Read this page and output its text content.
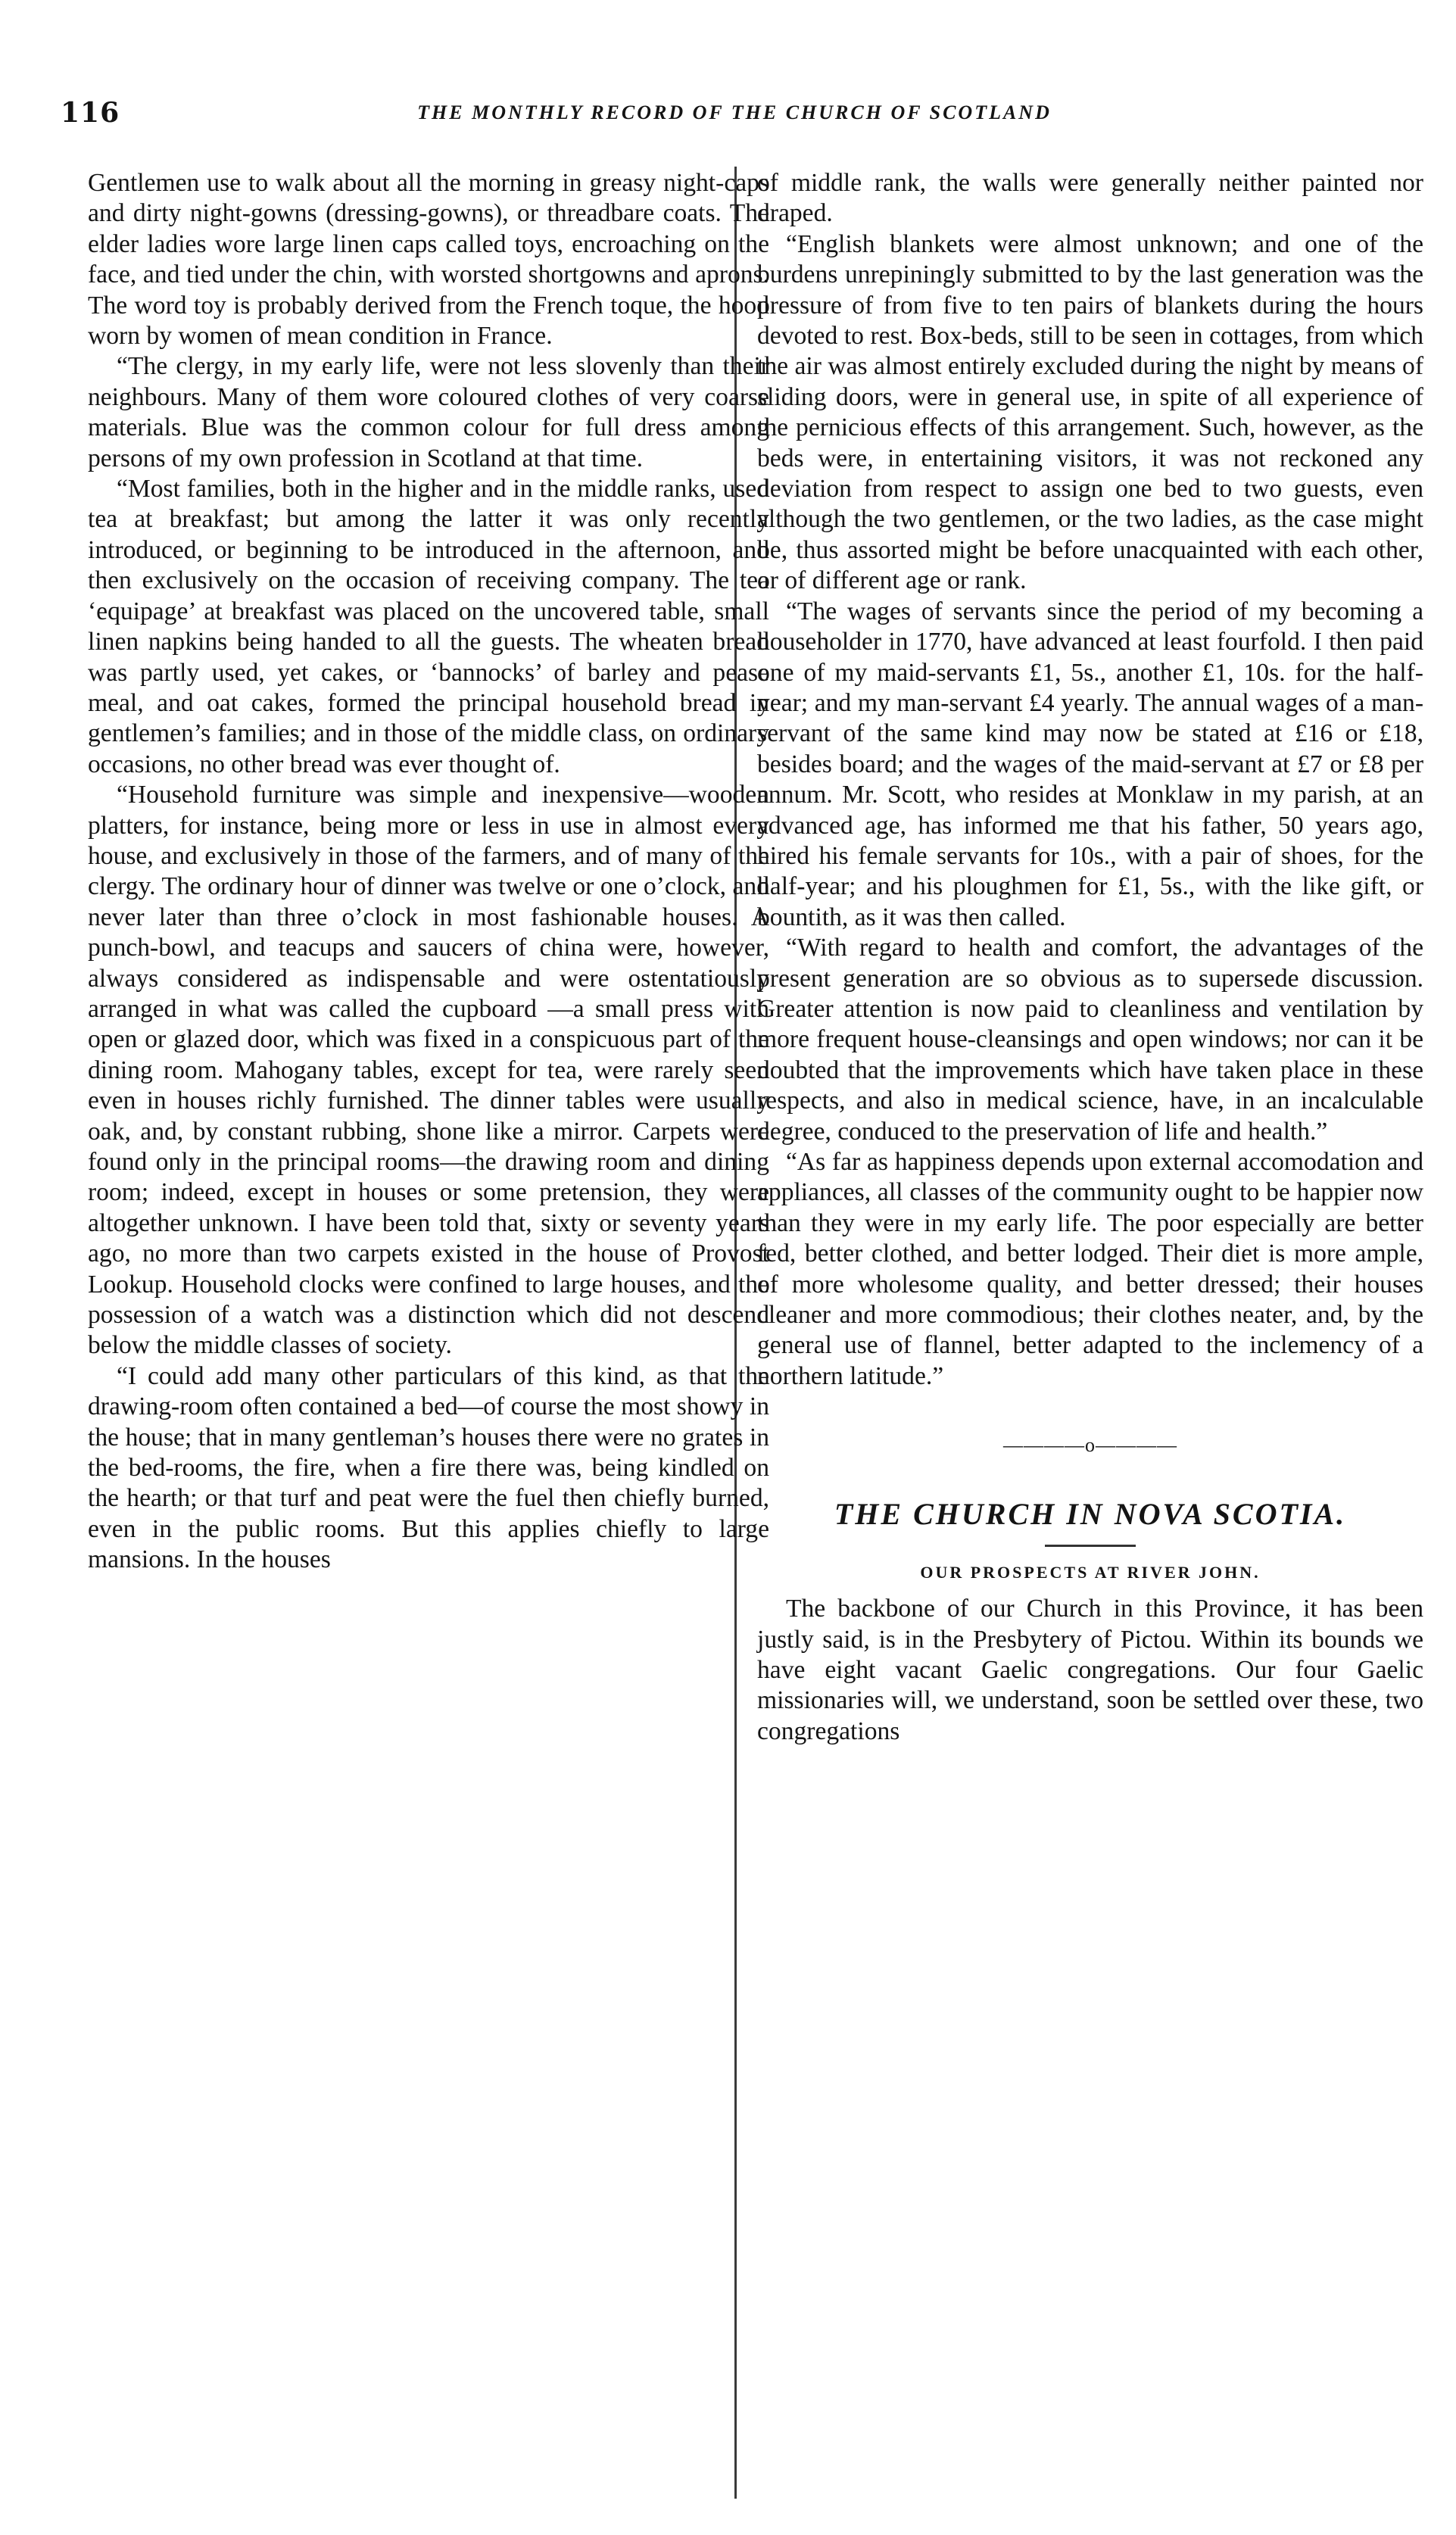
116	THE MONTHLY RECORD OF THE CHURCH OF SCOTLAND

Gentlemen use to walk about all the morning in greasy night-caps and dirty night-gowns (dressing-gowns), or threadbare coats. The elder ladies wore large linen caps called toys, encroaching on the face, and tied under the chin, with worsted shortgowns and aprons. The word toy is probably derived from the French toque, the hood worn by women of mean condition in France.

“The clergy, in my early life, were not less slovenly than their neighbours. Many of them wore coloured clothes of very coarse materials. Blue was the common colour for full dress among persons of my own profession in Scotland at that time.

“Most families, both in the higher and in the middle ranks, used tea at breakfast; but among the latter it was only recently introduced, or beginning to be introduced in the afternoon, and then exclusively on the occasion of receiving company. The tea ‘equipage’ at breakfast was placed on the uncovered table, small linen napkins being handed to all the guests. The wheaten bread was partly used, yet cakes, or ‘bannocks’ of barley and pease meal, and oat cakes, formed the principal household bread in gentlemen’s families; and in those of the middle class, on ordinary occasions, no other bread was ever thought of.

“Household furniture was simple and inexpensive—wooden platters, for instance, being more or less in use in almost every house, and exclusively in those of the farmers, and of many of the clergy. The ordinary hour of dinner was twelve or one o’clock, and never later than three o’clock in most fashionable houses. A punch-bowl, and teacups and saucers of china were, however, always considered as indispensable and were ostentatiously arranged in what was called the cupboard —a small press with open or glazed door, which was fixed in a conspicuous part of the dining room. Mahogany tables, except for tea, were rarely seen even in houses richly furnished. The dinner tables were usually oak, and, by constant rubbing, shone like a mirror. Carpets were found only in the principal rooms—the drawing room and dining room; indeed, except in houses or some pretension, they were altogether unknown. I have been told that, sixty or seventy years ago, no more than two carpets existed in the house of Provost Lookup. Household clocks were confined to large houses, and the possession of a watch was a distinction which did not descend below the middle classes of society.

“I could add many other particulars of this kind, as that the drawing-room often contained a bed—of course the most showy in the house; that in many gentleman’s houses there were no grates in the bed-rooms, the fire, when a fire there was, being kindled on the hearth; or that turf and peat were the fuel then chiefly burned, even in the public rooms. But this applies chiefly to large mansions. In the houses

of middle rank, the walls were generally neither painted nor draped.

“English blankets were almost unknown; and one of the burdens unrepiningly submitted to by the last generation was the pressure of from five to ten pairs of blankets during the hours devoted to rest. Box-beds, still to be seen in cottages, from which the air was almost entirely excluded during the night by means of sliding doors, were in general use, in spite of all experience of the pernicious effects of this arrangement. Such, however, as the beds were, in entertaining visitors, it was not reckoned any deviation from respect to assign one bed to two guests, even although the two gentlemen, or the two ladies, as the case might be, thus assorted might be before unacquainted with each other, or of different age or rank.

“The wages of servants since the period of my becoming a householder in 1770, have advanced at least fourfold. I then paid one of my maid-servants £1, 5s., another £1, 10s. for the half-year; and my man-servant £4 yearly. The annual wages of a man-servant of the same kind may now be stated at £16 or £18, besides board; and the wages of the maid-servant at £7 or £8 per annum. Mr. Scott, who resides at Monklaw in my parish, at an advanced age, has informed me that his father, 50 years ago, hired his female servants for 10s., with a pair of shoes, for the half-year; and his ploughmen for £1, 5s., with the like gift, or bountith, as it was then called.

“With regard to health and comfort, the advantages of the present generation are so obvious as to supersede discussion. Greater attention is now paid to cleanliness and ventilation by more frequent house-cleansings and open windows; nor can it be doubted that the improvements which have taken place in these respects, and also in medical science, have, in an incalculable degree, conduced to the preservation of life and health.”

“As far as happiness depends upon external accomodation and appliances, all classes of the community ought to be happier now than they were in my early life. The poor especially are better fed, better clothed, and better lodged. Their diet is more ample, of more wholesome quality, and better dressed; their houses cleaner and more commodious; their clothes neater, and, by the general use of flannel, better adapted to the inclemency of a northern latitude.”

————o————
THE CHURCH IN NOVA SCOTIA.
OUR PROSPECTS AT RIVER JOHN.

The backbone of our Church in this Province, it has been justly said, is in the Presbytery of Pictou. Within its bounds we have eight vacant Gaelic congregations. Our four Gaelic missionaries will, we understand, soon be settled over these, two congregations
